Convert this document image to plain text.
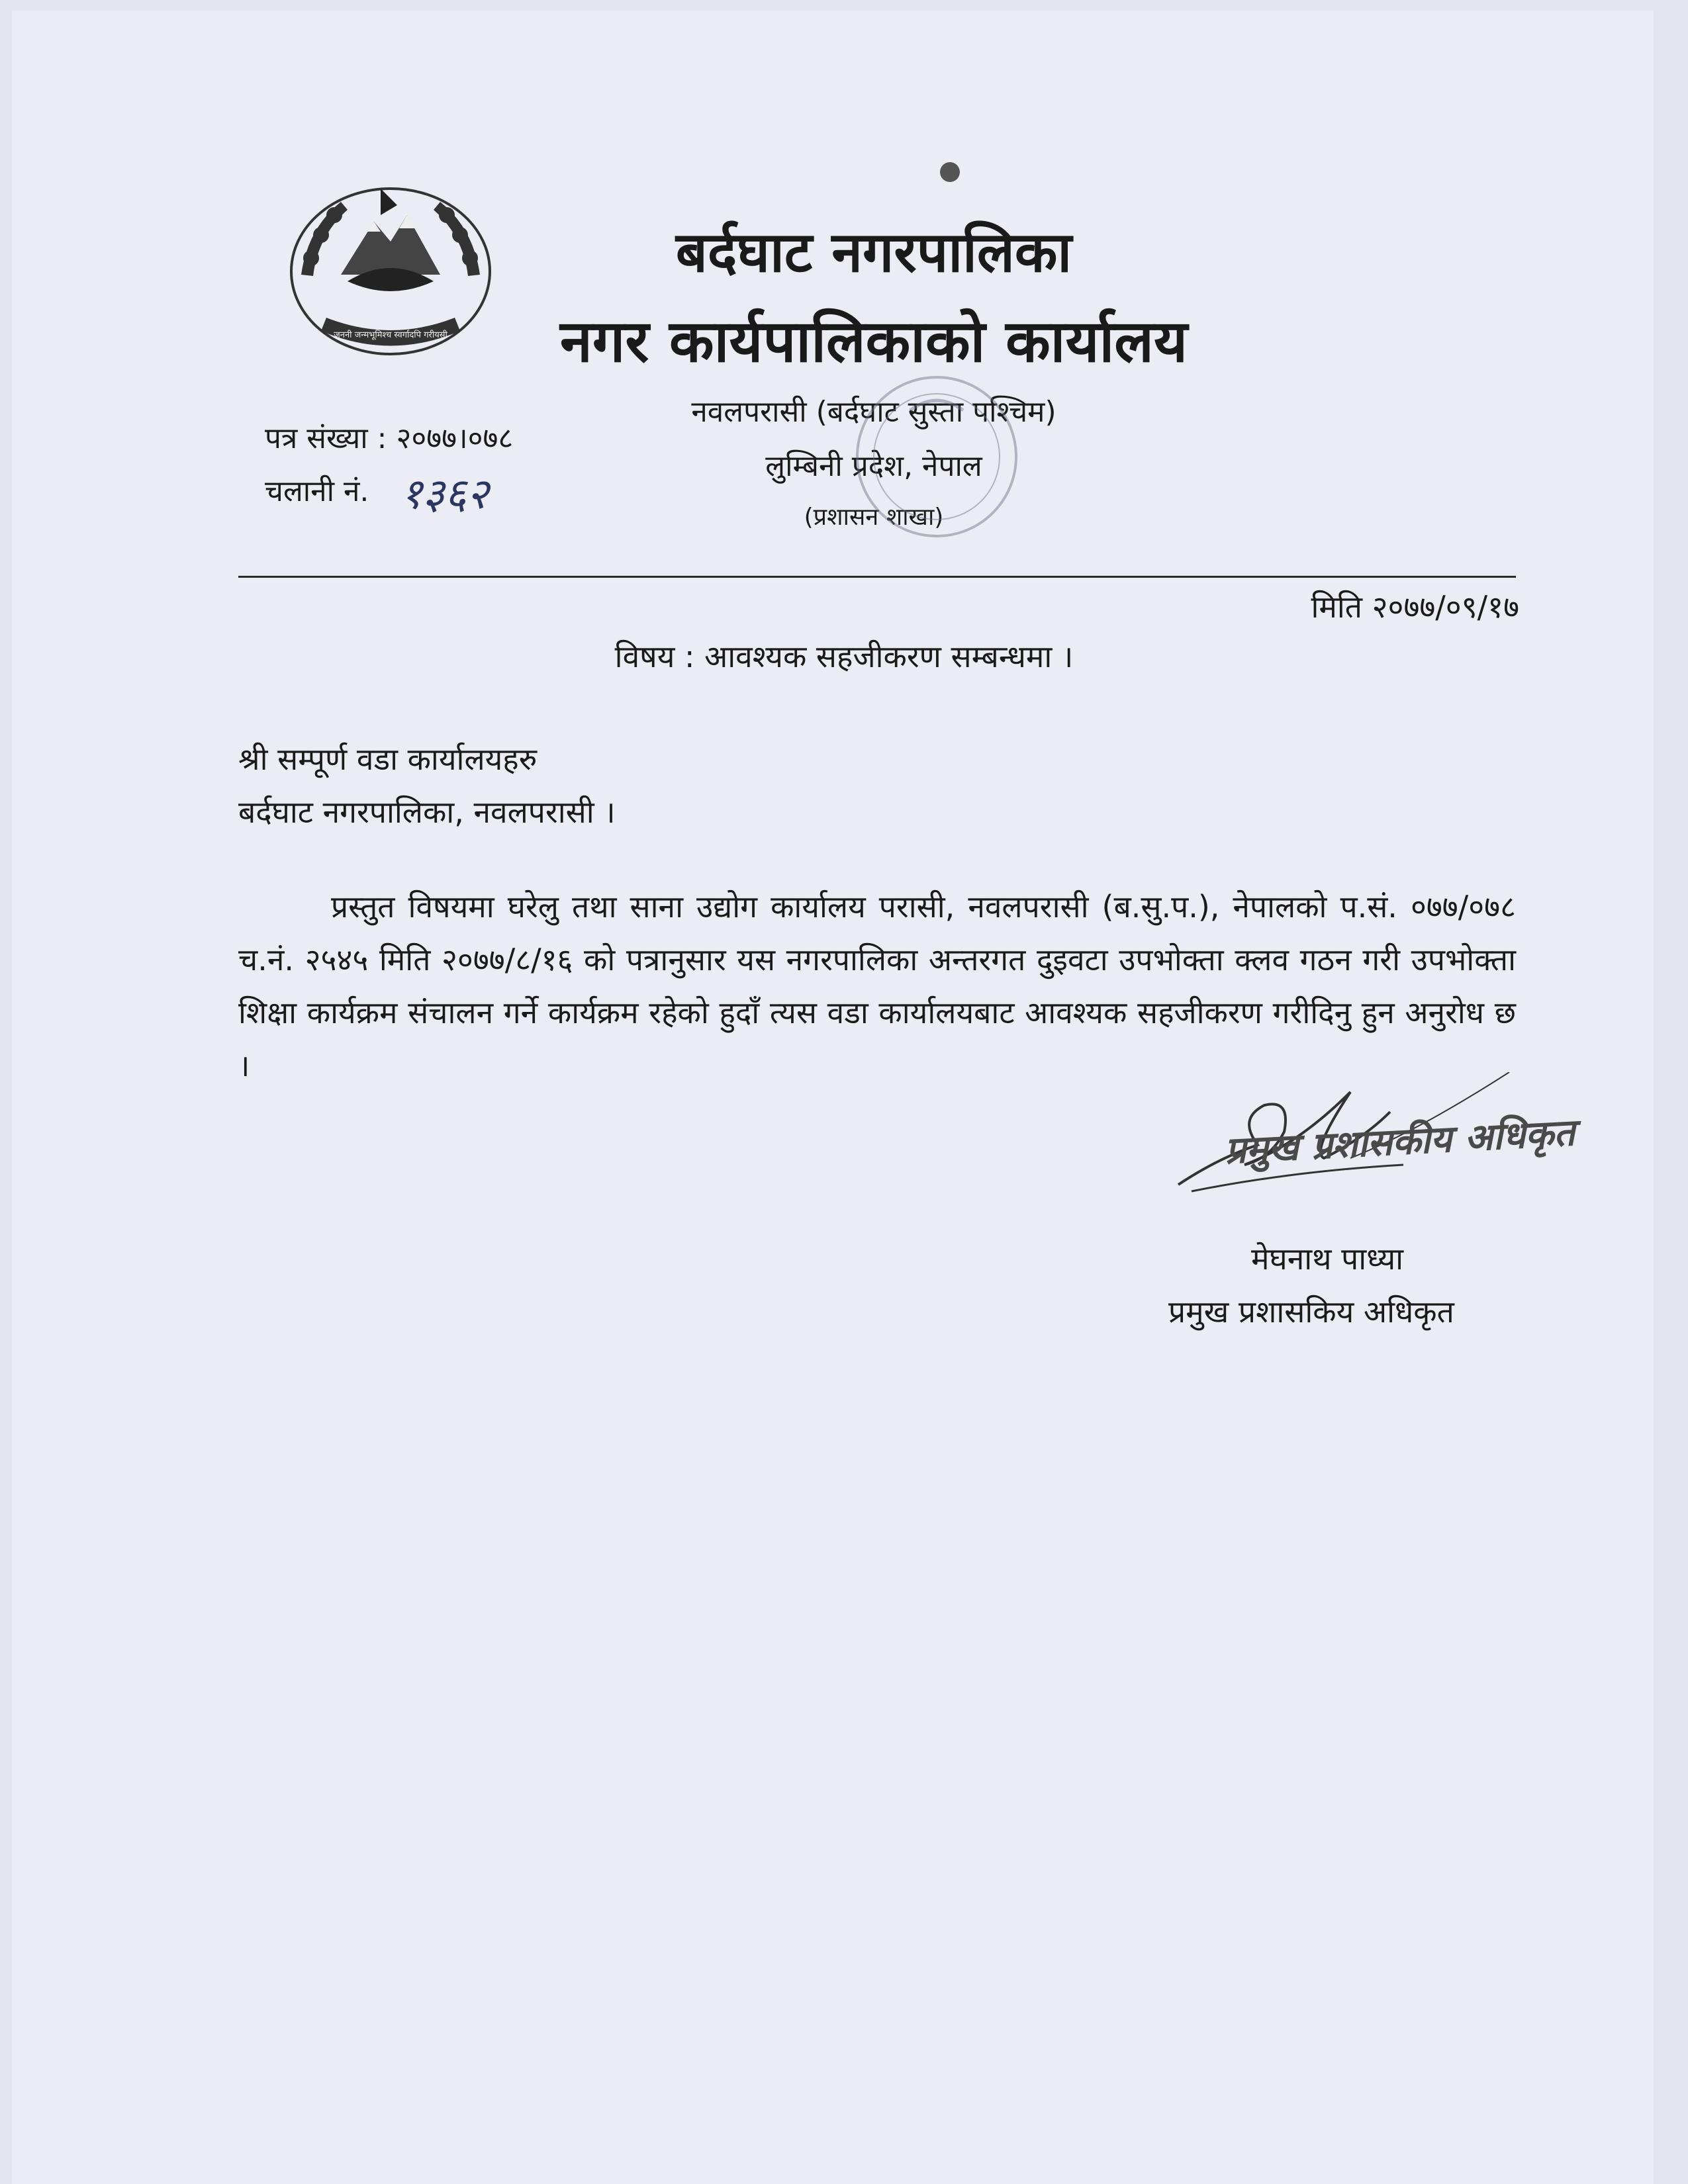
जननी जन्मभूमिश्च स्वर्गादपि गरीयसी
बर्दघाट नगरपालिका
नगर कार्यपालिकाको कार्यालय
नवलपरासी (बर्दघाट सुस्ता पश्चिम)
लुम्बिनी प्रदेश, नेपाल
(प्रशासन शाखा)
पत्र संख्या : २०७७।०७८
चलानी नं. १३६२
मिति २०७७/०९/१७
विषय : आवश्यक सहजीकरण सम्बन्धमा ।
श्री सम्पूर्ण वडा कार्यालयहरु
बर्दघाट नगरपालिका, नवलपरासी ।

प्रस्तुत विषयमा घरेलु तथा साना उद्योग कार्यालय परासी, नवलपरासी (ब.सु.प.), नेपालको प.सं. ०७७/०७८ च.नं. २५४५ मिति २०७७/८/१६ को पत्रानुसार यस नगरपालिका अन्तरगत दुइवटा उपभोक्ता क्लव गठन गरी उपभोक्ता शिक्षा कार्यक्रम संचालन गर्ने कार्यक्रम रहेको हुदाँ त्यस वडा कार्यालयबाट आवश्यक सहजीकरण गरीदिनु हुन अनुरोध छ ।

प्रमुख प्रशासकीय अधिकृत
मेघनाथ पाध्या
प्रमुख प्रशासकिय अधिकृत
